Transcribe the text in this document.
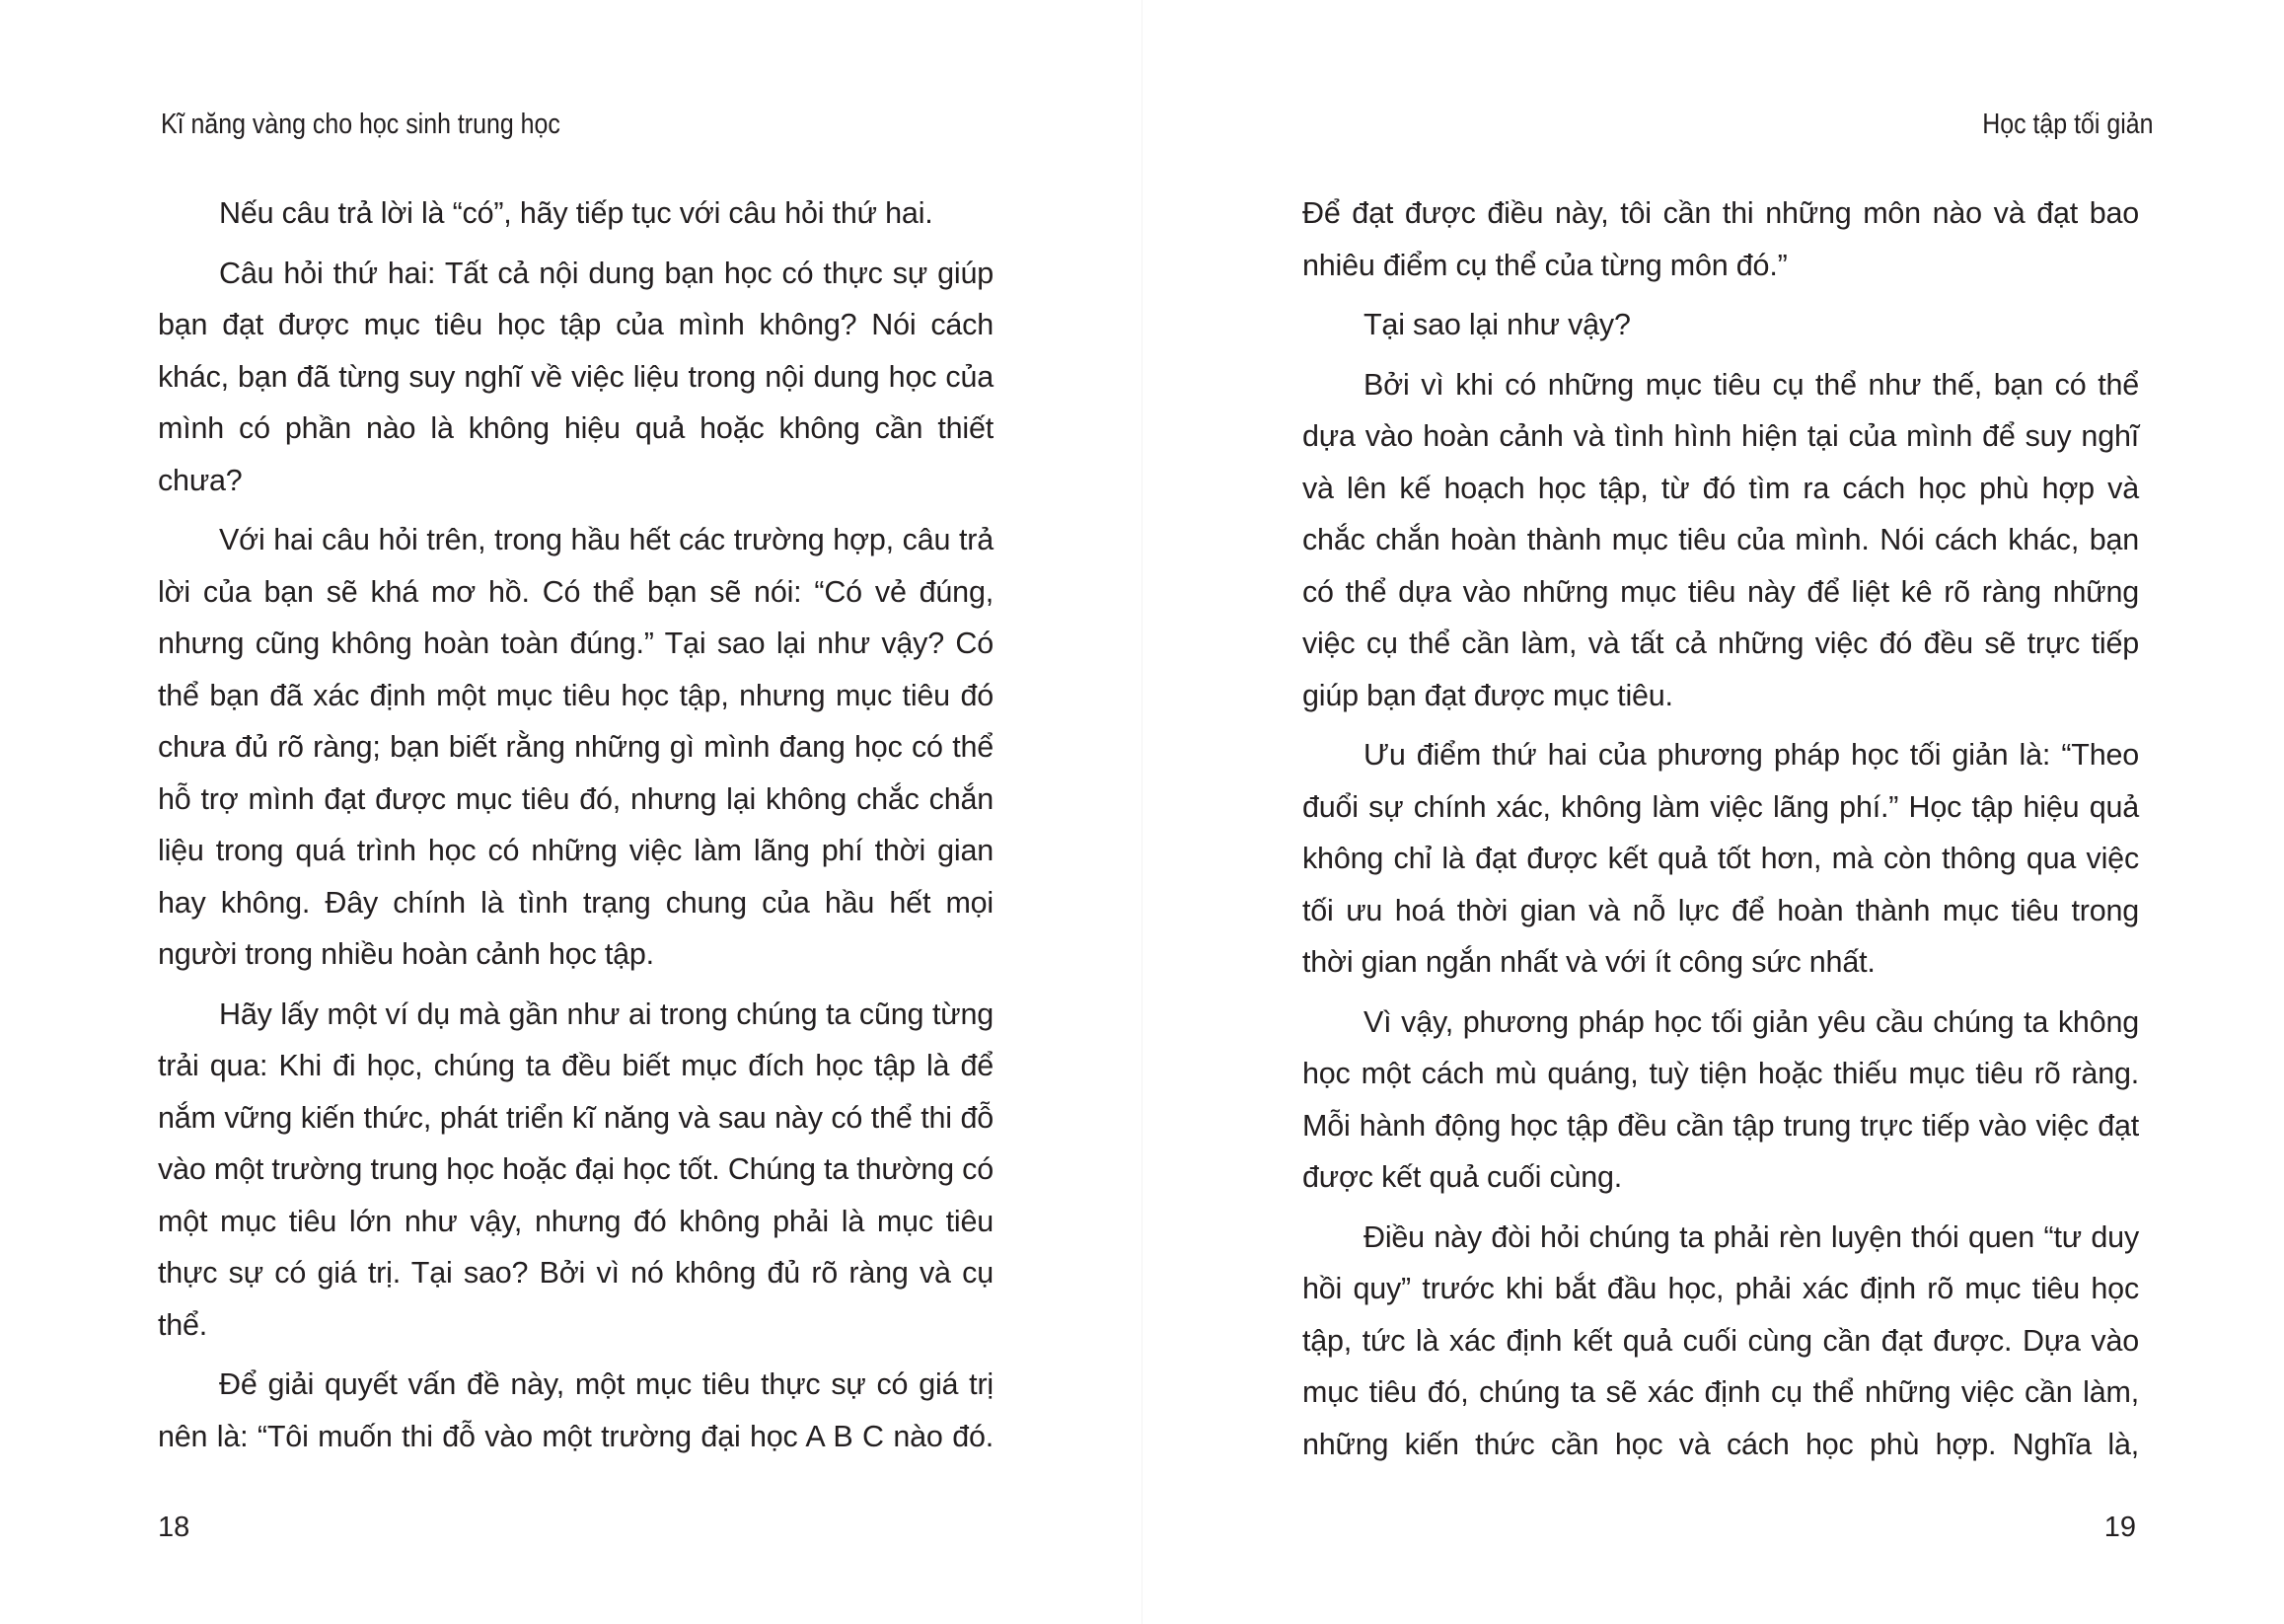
Kĩ năng vàng cho học sinh trung học

Nếu câu trả lời là “có”, hãy tiếp tục với câu hỏi thứ hai.

Câu hỏi thứ hai: Tất cả nội dung bạn học có thực sự giúp bạn đạt được mục tiêu học tập của mình không? Nói cách khác, bạn đã từng suy nghĩ về việc liệu trong nội dung học của mình có phần nào là không hiệu quả hoặc không cần thiết chưa?

Với hai câu hỏi trên, trong hầu hết các trường hợp, câu trả lời của bạn sẽ khá mơ hồ. Có thể bạn sẽ nói: “Có vẻ đúng, nhưng cũng không hoàn toàn đúng.” Tại sao lại như vậy? Có thể bạn đã xác định một mục tiêu học tập, nhưng mục tiêu đó chưa đủ rõ ràng; bạn biết rằng những gì mình đang học có thể hỗ trợ mình đạt được mục tiêu đó, nhưng lại không chắc chắn liệu trong quá trình học có những việc làm lãng phí thời gian hay không. Đây chính là tình trạng chung của hầu hết mọi người trong nhiều hoàn cảnh học tập.

Hãy lấy một ví dụ mà gần như ai trong chúng ta cũng từng trải qua: Khi đi học, chúng ta đều biết mục đích học tập là để nắm vững kiến thức, phát triển kĩ năng và sau này có thể thi đỗ vào một trường trung học hoặc đại học tốt. Chúng ta thường có một mục tiêu lớn như vậy, nhưng đó không phải là mục tiêu thực sự có giá trị. Tại sao? Bởi vì nó không đủ rõ ràng và cụ thể.

Để giải quyết vấn đề này, một mục tiêu thực sự có giá trị nên là: “Tôi muốn thi đỗ vào một trường đại học A B C nào đó.

18
Học tập tối giản

Để đạt được điều này, tôi cần thi những môn nào và đạt bao nhiêu điểm cụ thể của từng môn đó.”

Tại sao lại như vậy?

Bởi vì khi có những mục tiêu cụ thể như thế, bạn có thể dựa vào hoàn cảnh và tình hình hiện tại của mình để suy nghĩ và lên kế hoạch học tập, từ đó tìm ra cách học phù hợp và chắc chắn hoàn thành mục tiêu của mình. Nói cách khác, bạn có thể dựa vào những mục tiêu này để liệt kê rõ ràng những việc cụ thể cần làm, và tất cả những việc đó đều sẽ trực tiếp giúp bạn đạt được mục tiêu.

Ưu điểm thứ hai của phương pháp học tối giản là: “Theo đuổi sự chính xác, không làm việc lãng phí.” Học tập hiệu quả không chỉ là đạt được kết quả tốt hơn, mà còn thông qua việc tối ưu hoá thời gian và nỗ lực để hoàn thành mục tiêu trong thời gian ngắn nhất và với ít công sức nhất.

Vì vậy, phương pháp học tối giản yêu cầu chúng ta không học một cách mù quáng, tuỳ tiện hoặc thiếu mục tiêu rõ ràng. Mỗi hành động học tập đều cần tập trung trực tiếp vào việc đạt được kết quả cuối cùng.

Điều này đòi hỏi chúng ta phải rèn luyện thói quen “tư duy hồi quy” trước khi bắt đầu học, phải xác định rõ mục tiêu học tập, tức là xác định kết quả cuối cùng cần đạt được. Dựa vào mục tiêu đó, chúng ta sẽ xác định cụ thể những việc cần làm, những kiến thức cần học và cách học phù hợp. Nghĩa là,

19
